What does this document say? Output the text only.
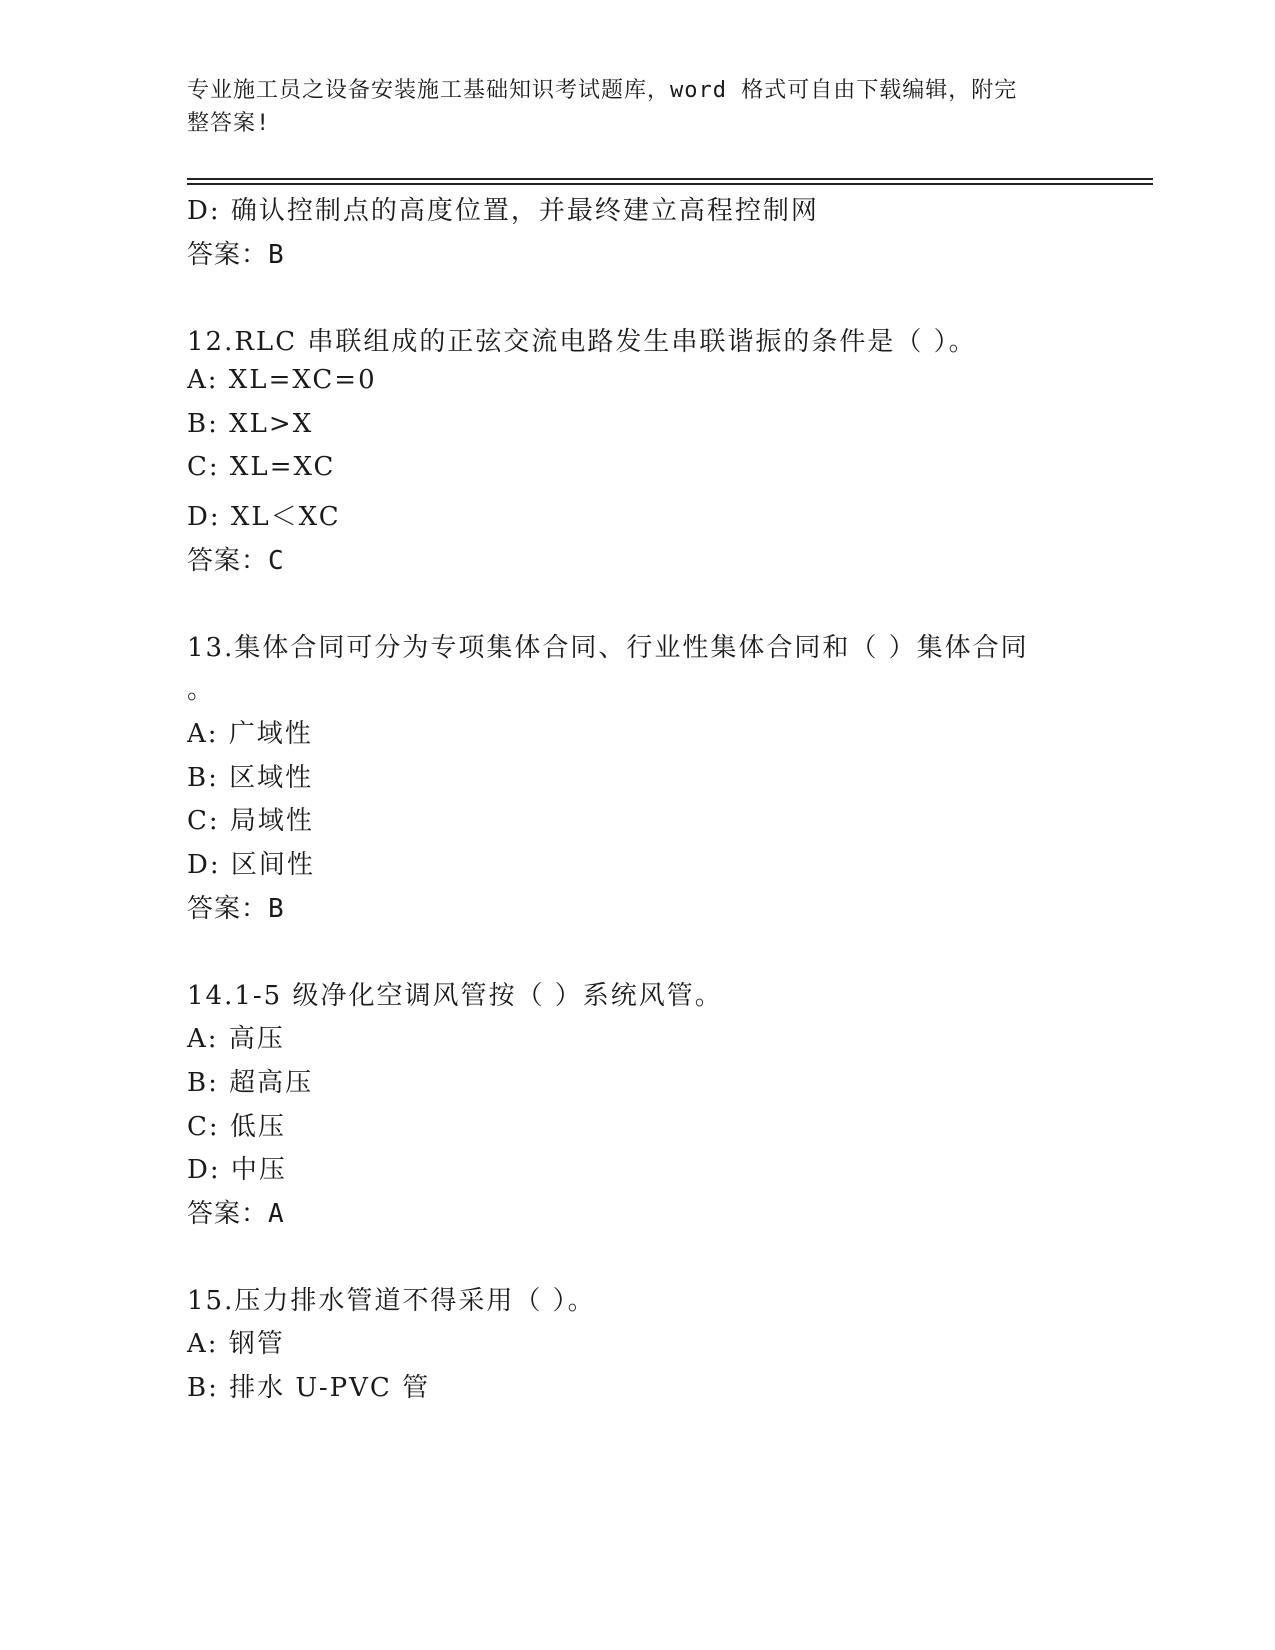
专业施工员之设备安装施工基础知识考试题库，word 格式可自由下载编辑，附完
整答案!
D: 确认控制点的高度位置，并最终建立高程控制网
答案：B
12.RLC 串联组成的正弦交流电路发生串联谐振的条件是（ ）。
A: XL=XC=0
B: XL>X
C: XL=XC
D: XL＜XC
答案：C
13.集体合同可分为专项集体合同、行业性集体合同和（ ）集体合同
。
A: 广域性
B: 区域性
C: 局域性
D: 区间性
答案：B
14.1-5 级净化空调风管按（ ）系统风管。
A: 高压
B: 超高压
C: 低压
D: 中压
答案：A
15.压力排水管道不得采用（ ）。
A: 钢管
B: 排水 U-PVC 管
